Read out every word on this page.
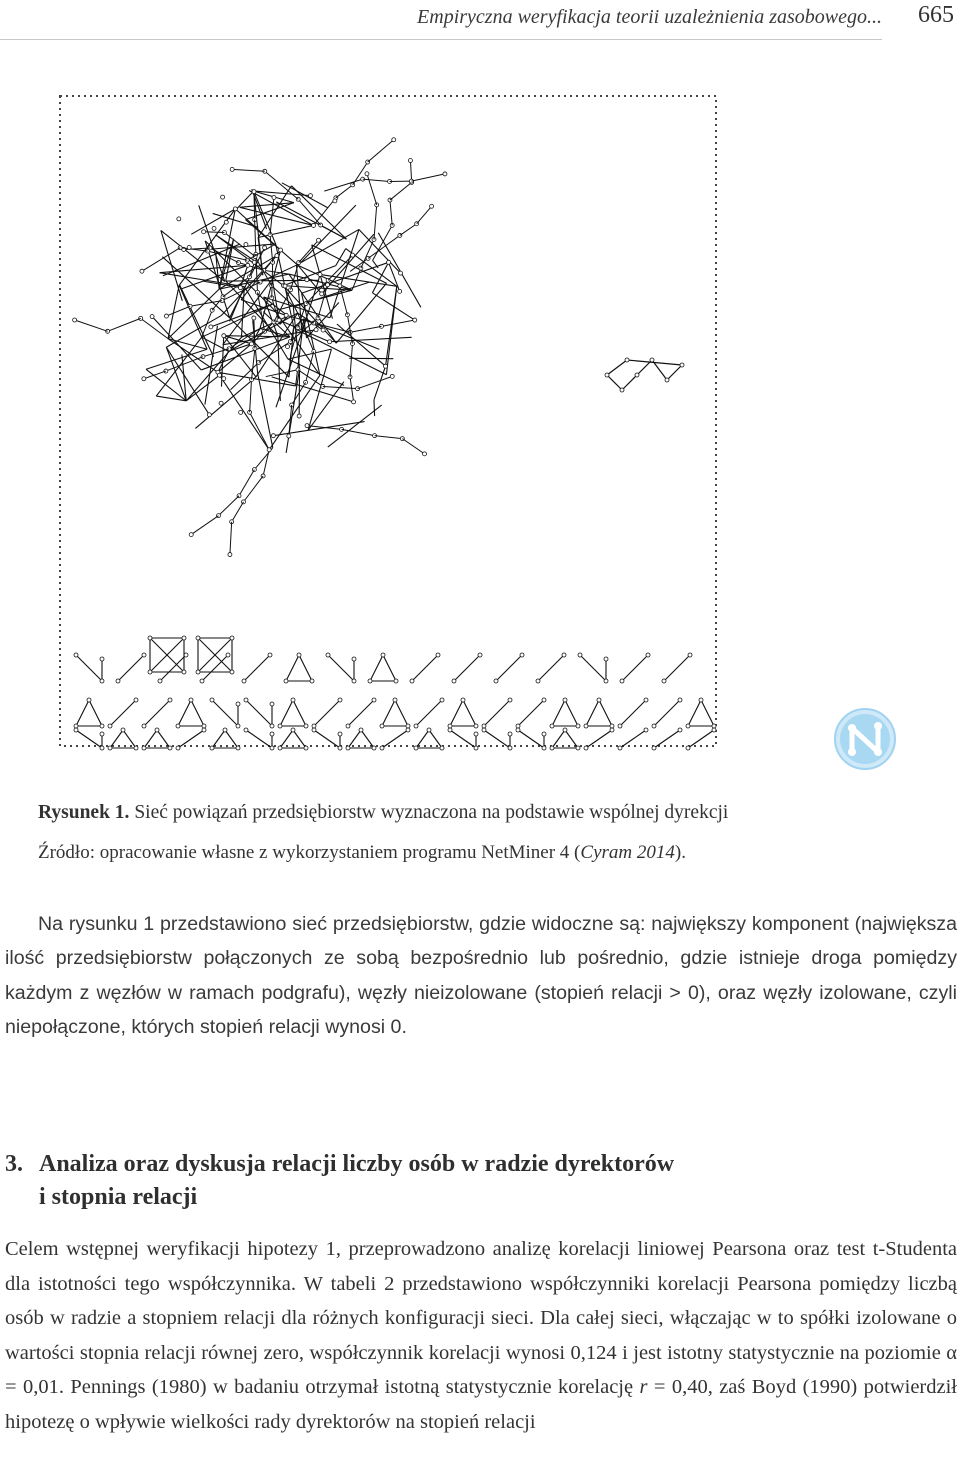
Empiryczna weryfikacja teorii uzależnienia zasobowego... 665
Rysunek 1. Sieć powiązań przedsiębiorstw wyznaczona na podstawie wspólnej dyrekcji
Źródło: opracowanie własne z wykorzystaniem programu NetMiner 4 (Cyram 2014).

Na rysunku 1 przedstawiono sieć przedsiębiorstw, gdzie widoczne są: największy komponent (największa ilość przedsiębiorstw połączonych ze sobą bezpośrednio lub pośrednio, gdzie istnieje droga pomiędzy każdym z węzłów w ramach podgrafu), węzły nieizolowane (stopień relacji > 0), oraz węzły izolowane, czyli niepołączone, których stopień relacji wynosi 0.

3. Analiza oraz dyskusja relacji liczby osób w radzie dyrektorów
i stopnia relacji

Celem wstępnej weryfikacji hipotezy 1, przeprowadzono analizę korelacji liniowej Pearsona oraz test t-Studenta dla istotności tego współczynnika. W tabeli 2 przedstawiono współczynniki korelacji Pearsona pomiędzy liczbą osób w radzie a stopniem relacji dla różnych konfiguracji sieci. Dla całej sieci, włączając w to spółki izolowane o wartości stopnia relacji równej zero, współczynnik korelacji wynosi 0,124 i jest istotny statystycznie na poziomie α = 0,01. Pennings (1980) w badaniu otrzymał istotną statystycznie korelację r = 0,40, zaś Boyd (1990) potwierdził hipotezę o wpływie wielkości rady dyrektorów na stopień relacji
